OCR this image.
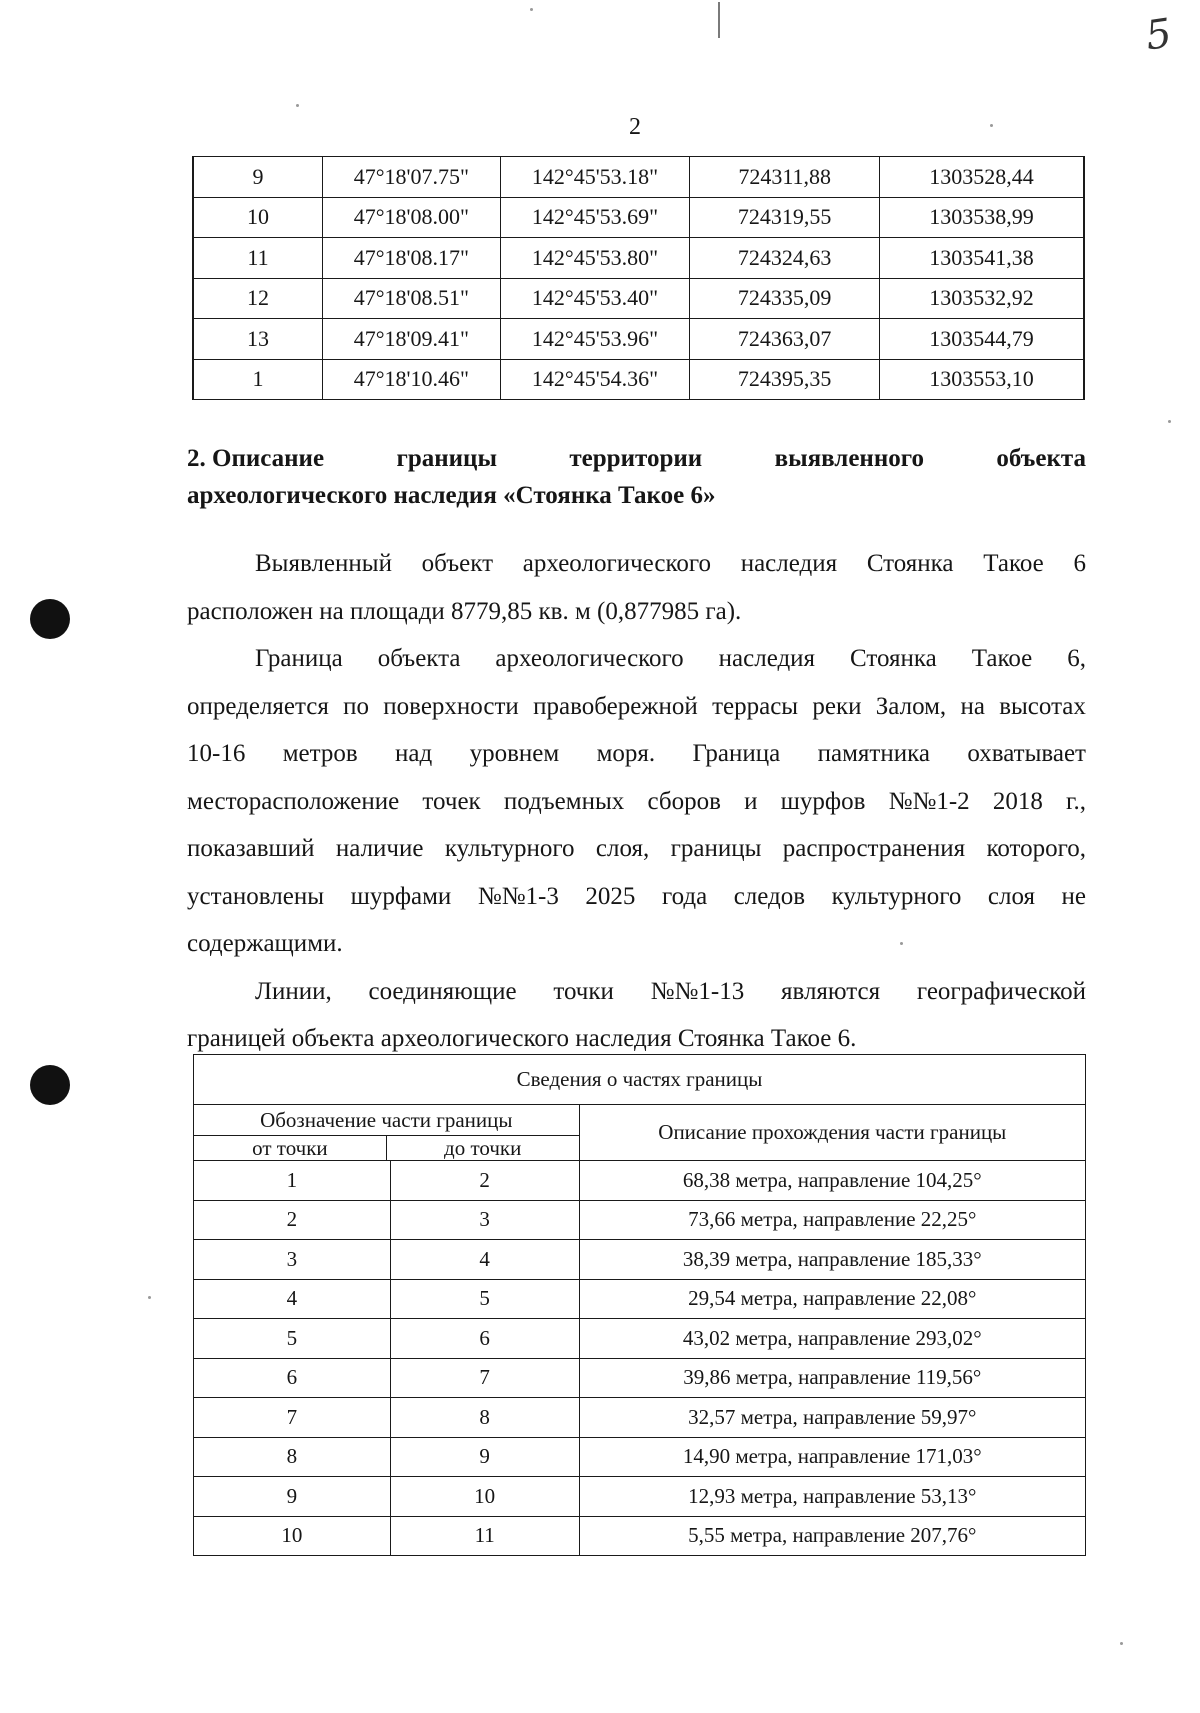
5
2
9	47°18'07.75"	142°45'53.18"	724311,88	1303528,44
10	47°18'08.00"	142°45'53.69"	724319,55	1303538,99
11	47°18'08.17"	142°45'53.80"	724324,63	1303541,38
12	47°18'08.51"	142°45'53.40"	724335,09	1303532,92
13	47°18'09.41"	142°45'53.96"	724363,07	1303544,79
1	47°18'10.46"	142°45'54.36"	724395,35	1303553,10
2. Описание	границы	территории	выявленного	объекта
археологического наследия «Стоянка Такое 6»
Выявленный объект археологического наследия Стоянка Такое 6
расположен на площади 8779,85 кв. м (0,877985 га).
Граница объекта археологического наследия Стоянка Такое 6,
определяется по поверхности правобережной террасы реки Залом, на высотах
10-16 метров над уровнем моря. Граница памятника охватывает
месторасположение точек подъемных сборов и шурфов №№1-2 2018 г.,
показавший наличие культурного слоя, границы распространения которого,
установлены шурфами №№1-3 2025 года следов культурного слоя не
содержащими.
Линии, соединяющие точки №№1-13 являются географической
границей объекта археологического наследия Стоянка Такое 6.
Сведения о частях границы		

Обозначение части границы
от точки до точки		Описание прохождения части границы
1	2	68,38 метра, направление 104,25°
2	3	73,66 метра, направление 22,25°
3	4	38,39 метра, направление 185,33°
4	5	29,54 метра, направление 22,08°
5	6	43,02 метра, направление 293,02°
6	7	39,86 метра, направление 119,56°
7	8	32,57 метра, направление 59,97°
8	9	14,90 метра, направление 171,03°
9	10	12,93 метра, направление 53,13°
10	11	5,55 метра, направление 207,76°
